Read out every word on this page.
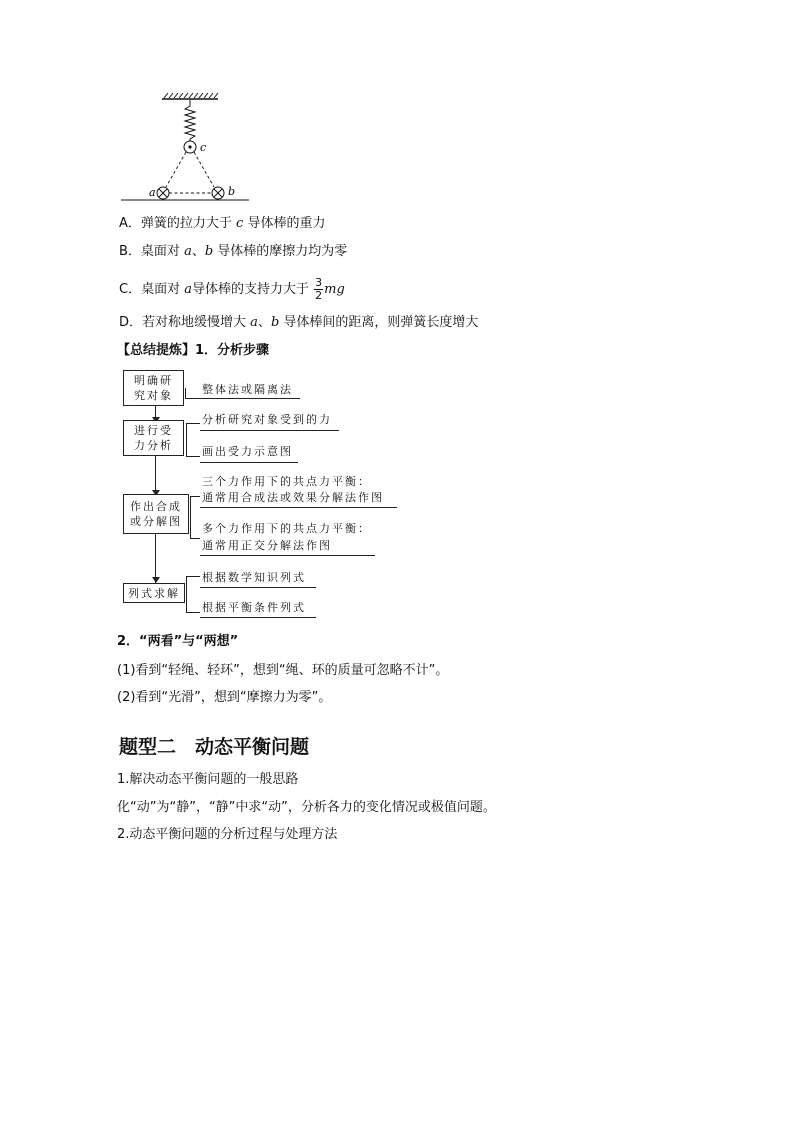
c
a	b
A．弹簧的拉力大于 c 导体棒的重力
B．桌面对 a、b 导体棒的摩擦力均为零
C．桌面对 a导体棒的支持力大于 $\frac{3}{2}$ mg
D．若对称地缓慢增大 a、b 导体棒间的距离，则弹簧长度增大
【总结提炼】1．分析步骤
明确研
究对象
进行受
力分析
作出合成
或分解图
列式求解
整体法或隔离法
分析研究对象受到的力
画出受力示意图
三个力作用下的共点力平衡：
通常用合成法或效果分解法作图
多个力作用下的共点力平衡：
通常用正交分解法作图
根据数学知识列式
根据平衡条件列式
2．“两看”与“两想”
(1)看到“轻绳、轻环”，想到“绳、环的质量可忽略不计”。
(2)看到“光滑”，想到“摩擦力为零”。
题型二　动态平衡问题
1.解决动态平衡问题的一般思路
化“动”为“静”，“静”中求“动”，分析各力的变化情况或极值问题。
2.动态平衡问题的分析过程与处理方法
